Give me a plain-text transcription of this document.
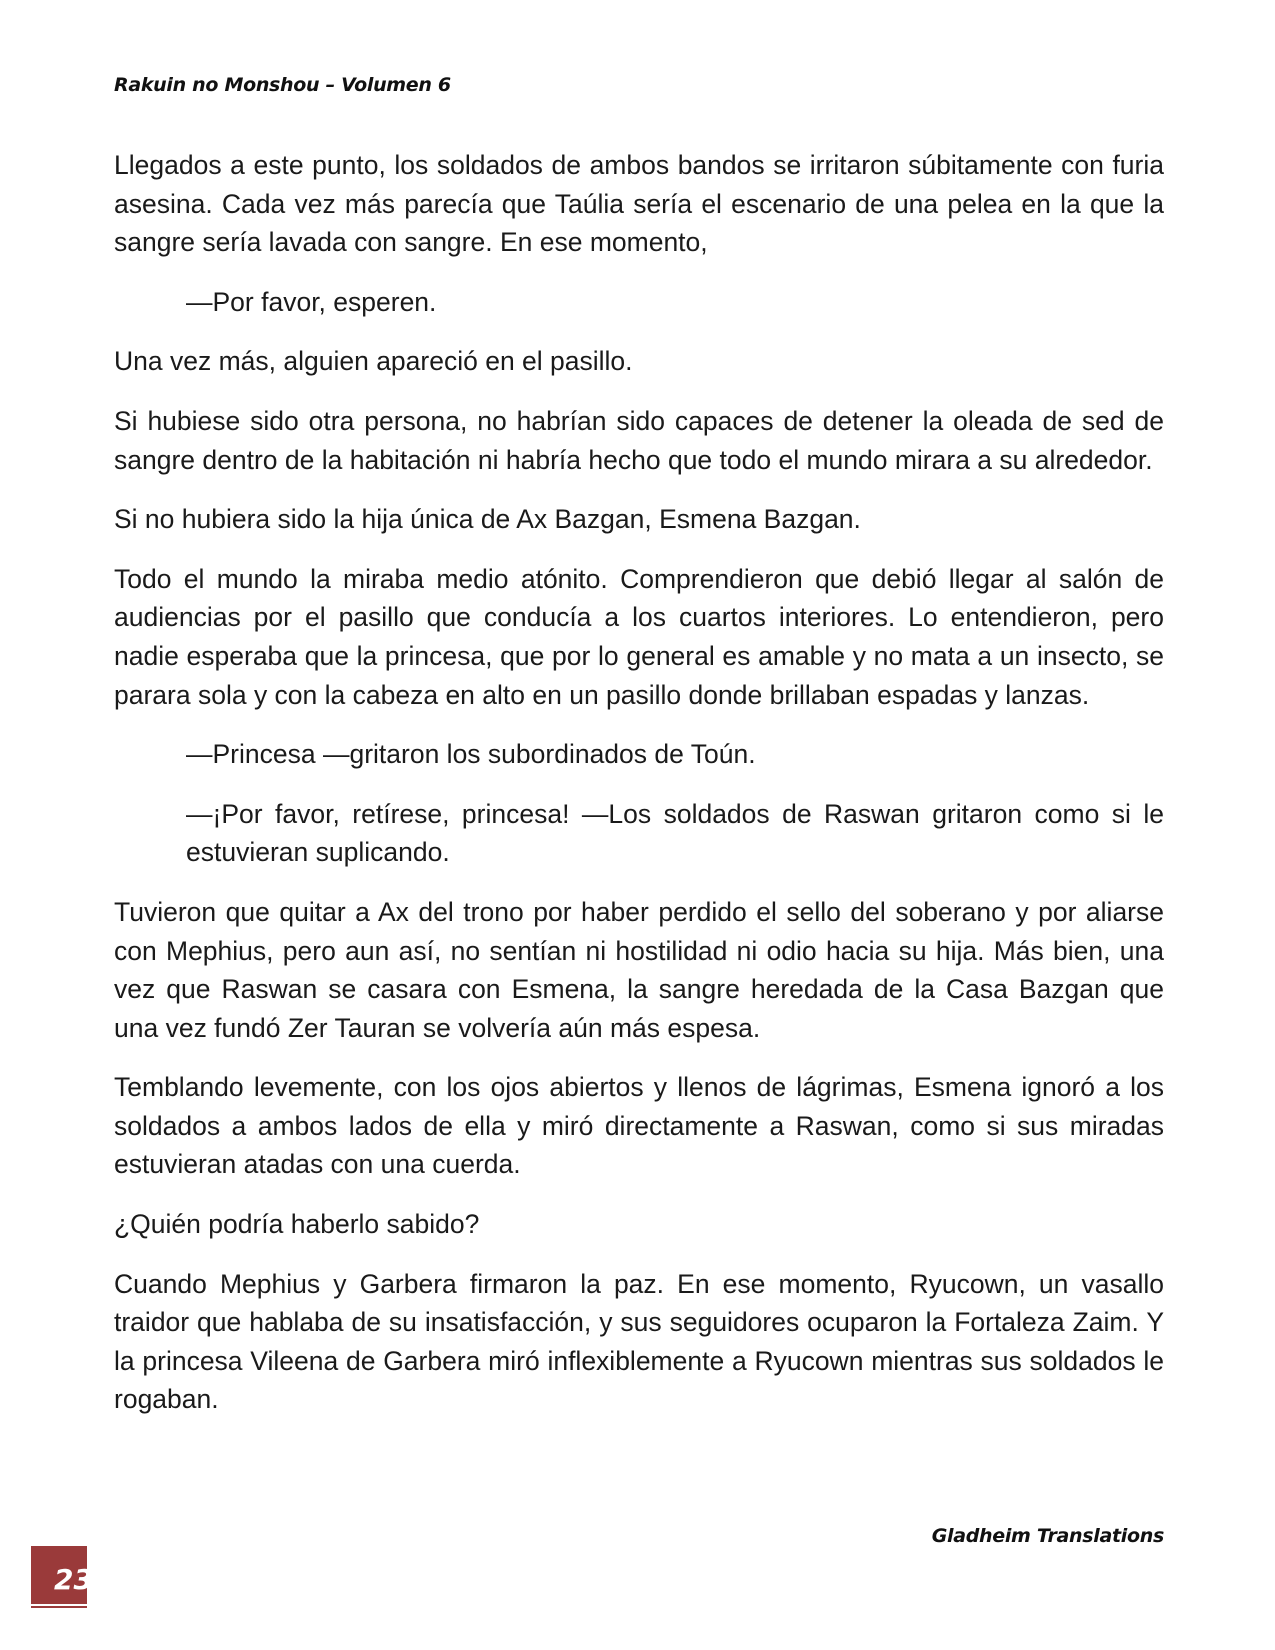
Rakuin no Monshou – Volumen 6

Llegados a este punto, los soldados de ambos bandos se irritaron súbitamente con furia asesina. Cada vez más parecía que Taúlia sería el escenario de una pelea en la que la sangre sería lavada con sangre. En ese momento,

—Por favor, esperen.

Una vez más, alguien apareció en el pasillo.

Si hubiese sido otra persona, no habrían sido capaces de detener la oleada de sed de sangre dentro de la habitación ni habría hecho que todo el mundo mirara a su alrededor.

Si no hubiera sido la hija única de Ax Bazgan, Esmena Bazgan.

Todo el mundo la miraba medio atónito. Comprendieron que debió llegar al salón de audiencias por el pasillo que conducía a los cuartos interiores. Lo entendieron, pero nadie esperaba que la princesa, que por lo general es amable y no mata a un insecto, se parara sola y con la cabeza en alto en un pasillo donde brillaban espadas y lanzas.

—Princesa —gritaron los subordinados de Toún.

—¡Por favor, retírese, princesa! —Los soldados de Raswan gritaron como si le estuvieran suplicando.

Tuvieron que quitar a Ax del trono por haber perdido el sello del soberano y por aliarse con Mephius, pero aun así, no sentían ni hostilidad ni odio hacia su hija. Más bien, una vez que Raswan se casara con Esmena, la sangre heredada de la Casa Bazgan que una vez fundó Zer Tauran se volvería aún más espesa.

Temblando levemente, con los ojos abiertos y llenos de lágrimas, Esmena ignoró a los soldados a ambos lados de ella y miró directamente a Raswan, como si sus miradas estuvieran atadas con una cuerda.

¿Quién podría haberlo sabido?

Cuando Mephius y Garbera firmaron la paz. En ese momento, Ryucown, un vasallo traidor que hablaba de su insatisfacción, y sus seguidores ocuparon la Fortaleza Zaim. Y la princesa Vileena de Garbera miró inflexiblemente a Ryucown mientras sus soldados le rogaban.

Gladheim Translations
23
